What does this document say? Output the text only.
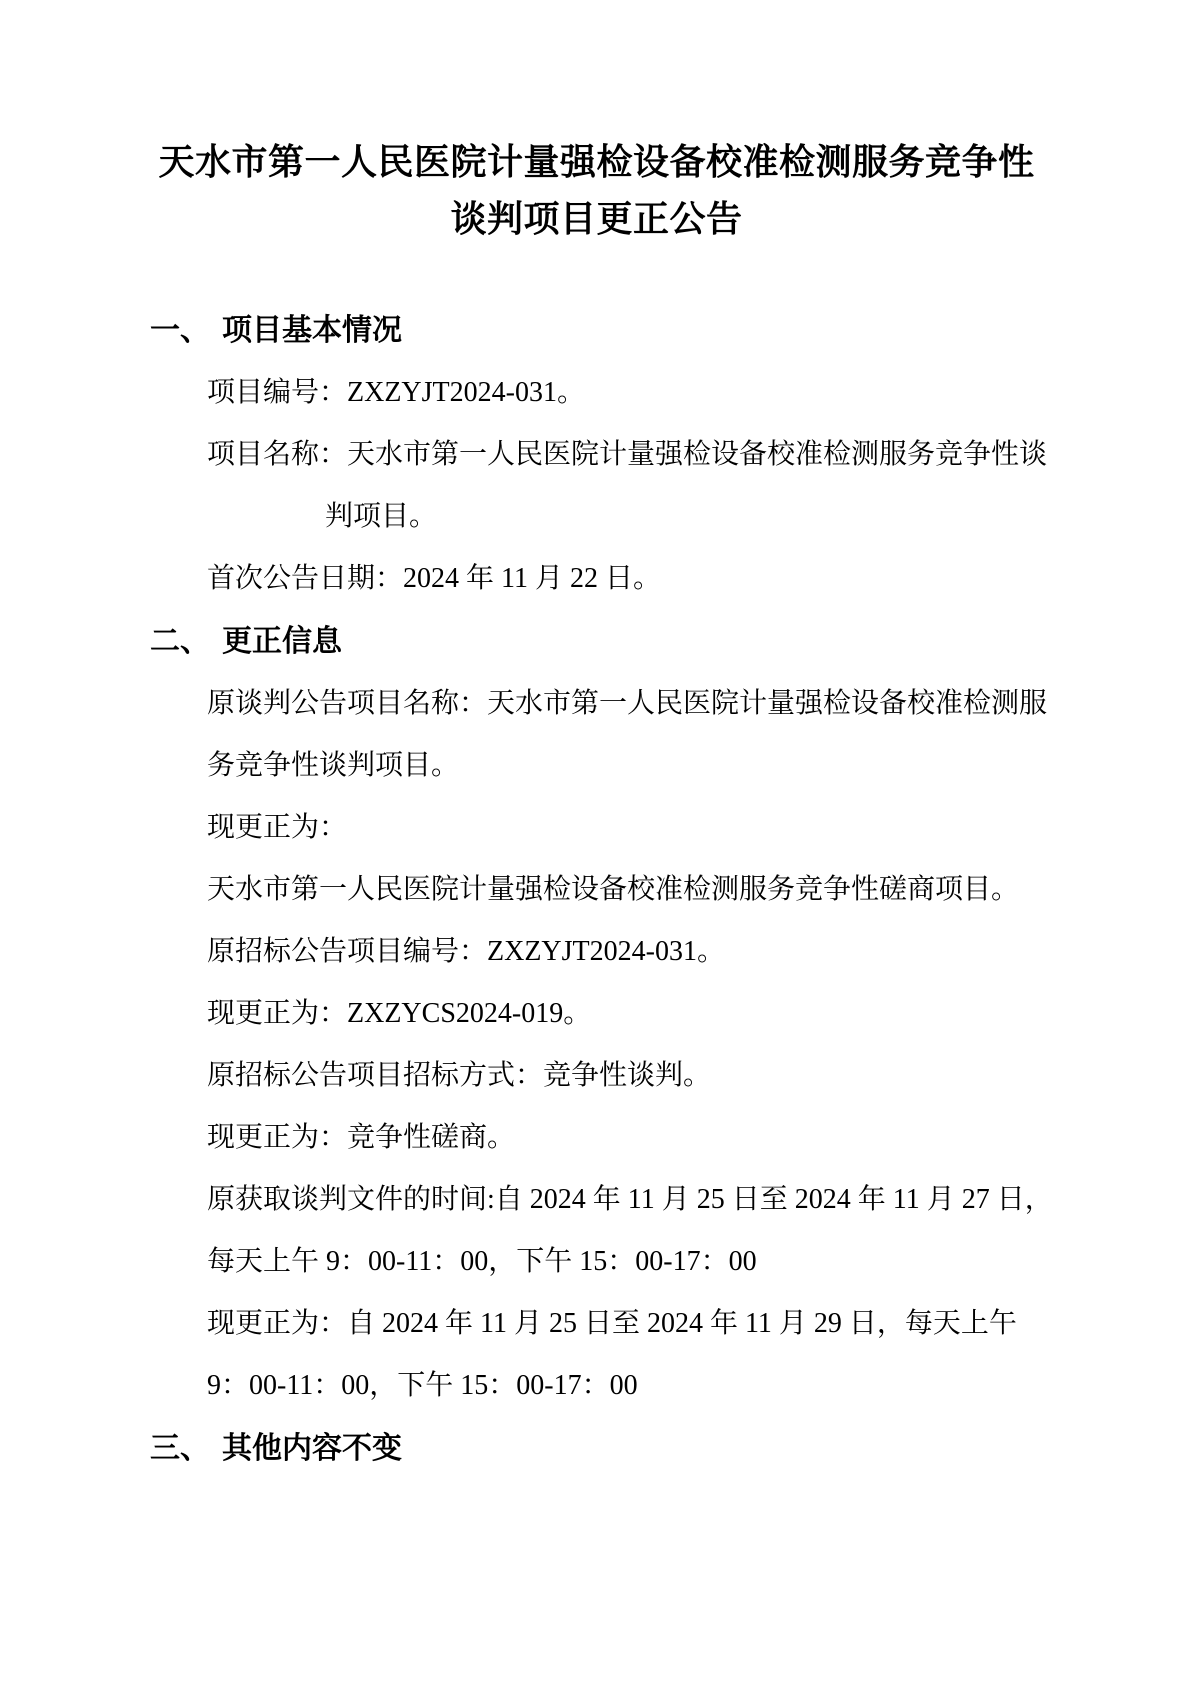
天水市第一人民医院计量强检设备校准检测服务竞争性
谈判项目更正公告
一、 项目基本情况
项目编号：ZXZYJT2024-031。
项目名称：天水市第一人民医院计量强检设备校准检测服务竞争性谈
判项目。
首次公告日期：2024 年 11 月 22 日。
二、 更正信息
原谈判公告项目名称：天水市第一人民医院计量强检设备校准检测服
务竞争性谈判项目。
现更正为：
天水市第一人民医院计量强检设备校准检测服务竞争性磋商项目。
原招标公告项目编号：ZXZYJT2024-031。
现更正为：ZXZYCS2024-019。
原招标公告项目招标方式：竞争性谈判。
现更正为：竞争性磋商。
原获取谈判文件的时间:自 2024 年 11 月 25 日至 2024 年 11 月 27 日，
每天上午 9：00-11：00，下午 15：00-17：00
现更正为：自 2024 年 11 月 25 日至 2024 年 11 月 29 日，每天上午
9：00-11：00，下午 15：00-17：00
三、 其他内容不变
